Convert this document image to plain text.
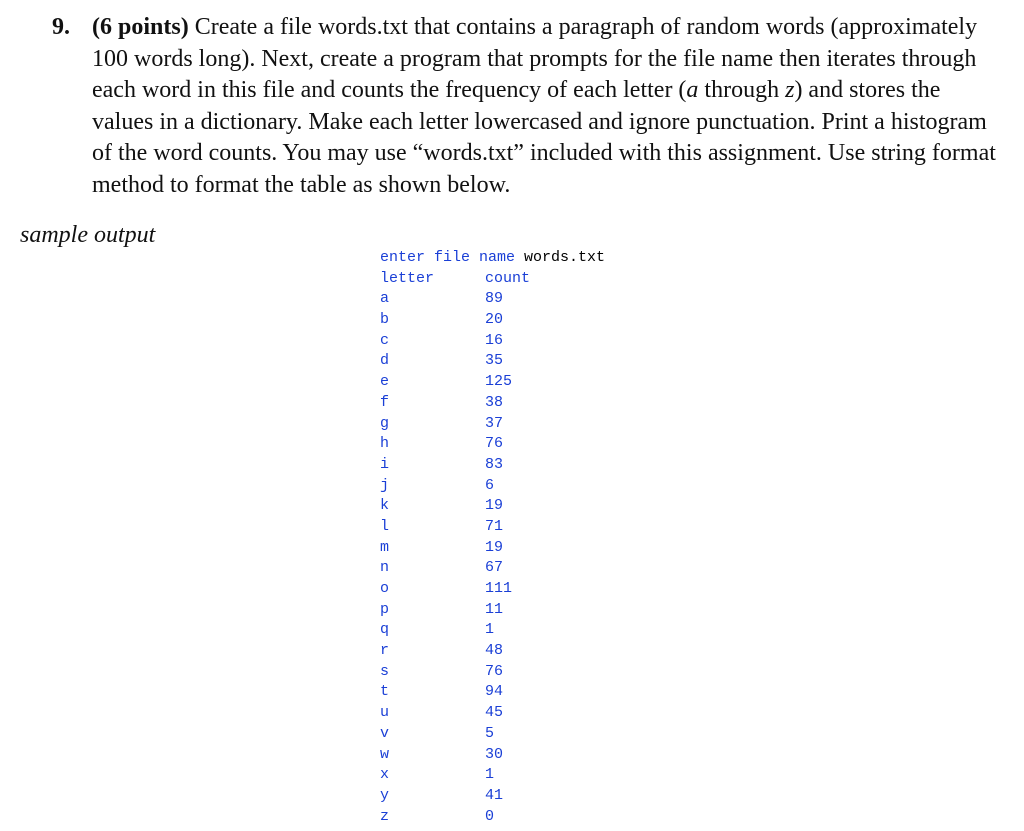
9. (6 points) Create a file words.txt that contains a paragraph of random words (approximately 100 words long). Next, create a program that prompts for the file name then iterates through each word in this file and counts the frequency of each letter (a through z) and stores the values in a dictionary. Make each letter lowercased and ignore punctuation. Print a histogram of the word counts. You may use “words.txt” included with this assignment. Use string format method to format the table as shown below.
sample output
enter file name words.txt
letter	count
a	89
b	20
c	16
d	35
e	125
f	38
g	37
h	76
i	83
j	6
k	19
l	71
m	19
n	67
o	111
p	11
q	1
r	48
s	76
t	94
u	45
v	5
w	30
x	1
y	41
z	0
